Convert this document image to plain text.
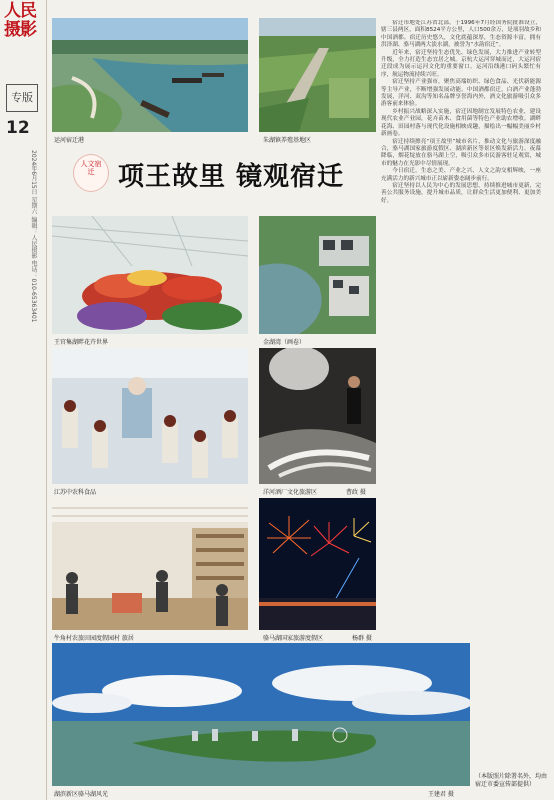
人民
摄影
专版
12
2024年6月15日 星期六 编辑：人民摄影 电话：010-65363401
运河宿迁港	朱湖镇养殖基地区
人文宿迁 项王故里 镜观宿迁
王官集湖畔花卉世界	金湖湾（画卷）
江苏中农科食品	洋河酒厂文化旅游区	曹政 摄
牛角村农旅田园度假园村 旅居	骆马湖国家旅游度假区	杨群 摄
湖滨新区骆马湖风光	王建君 摄

宿迁市地处江苏省北部，于1996年7月经国务院批准设立，辖三县两区，面积8524平方公里，人口500余万，是项羽故乡和中国酒都。宿迁历史悠久，文化底蕴深厚，生态资源丰富，拥有洪泽湖、骆马湖两大淡水湖，被誉为“水韵宿迁”。

近年来，宿迁坚持生态优先、绿色发展，大力推进产业转型升级，全力打造生态宜居之城。京杭大运河穿城而过，大运河宿迁段成为展示运河文化的重要窗口。运河沿线港口码头繁忙有序，航运物流持续兴旺。

宿迁坚持产业强市，聚焦高端纺织、绿色食品、光伏新能源等主导产业，不断增强发展动能。中国酒都宿迁，白酒产业蓬勃发展，洋河、双沟等知名品牌享誉海内外，酒文化旅游吸引众多游客前来体验。

乡村振兴战略深入实施，宿迁因地制宜发展特色农业，建设现代农业产业园，花卉苗木、食用菌等特色产业助农增收。湖畔花海、田园村落与现代化设施相映成趣，描绘出一幅幅美丽乡村新画卷。

宿迁持续擦亮“项王故里”城市名片，推动文化与旅游深度融合，骆马湖国家旅游度假区、湖滨新区等景区焕发新活力。夜幕降临，烟花绽放在骆马湖上空，吸引众多市民游客驻足观赏，城市的魅力在光影中尽情展现。

今日宿迁，生态之美、产业之兴、人文之韵交相辉映，一座充满活力的新兴城市正以崭新姿态阔步前行。

宿迁坚持以人民为中心的发展思想，持续推进城市更新，完善公共服务设施，提升城市品质，让群众生活更加便利、更加美好。

（本版照片除署名外，均由宿迁市委宣传部提供）
